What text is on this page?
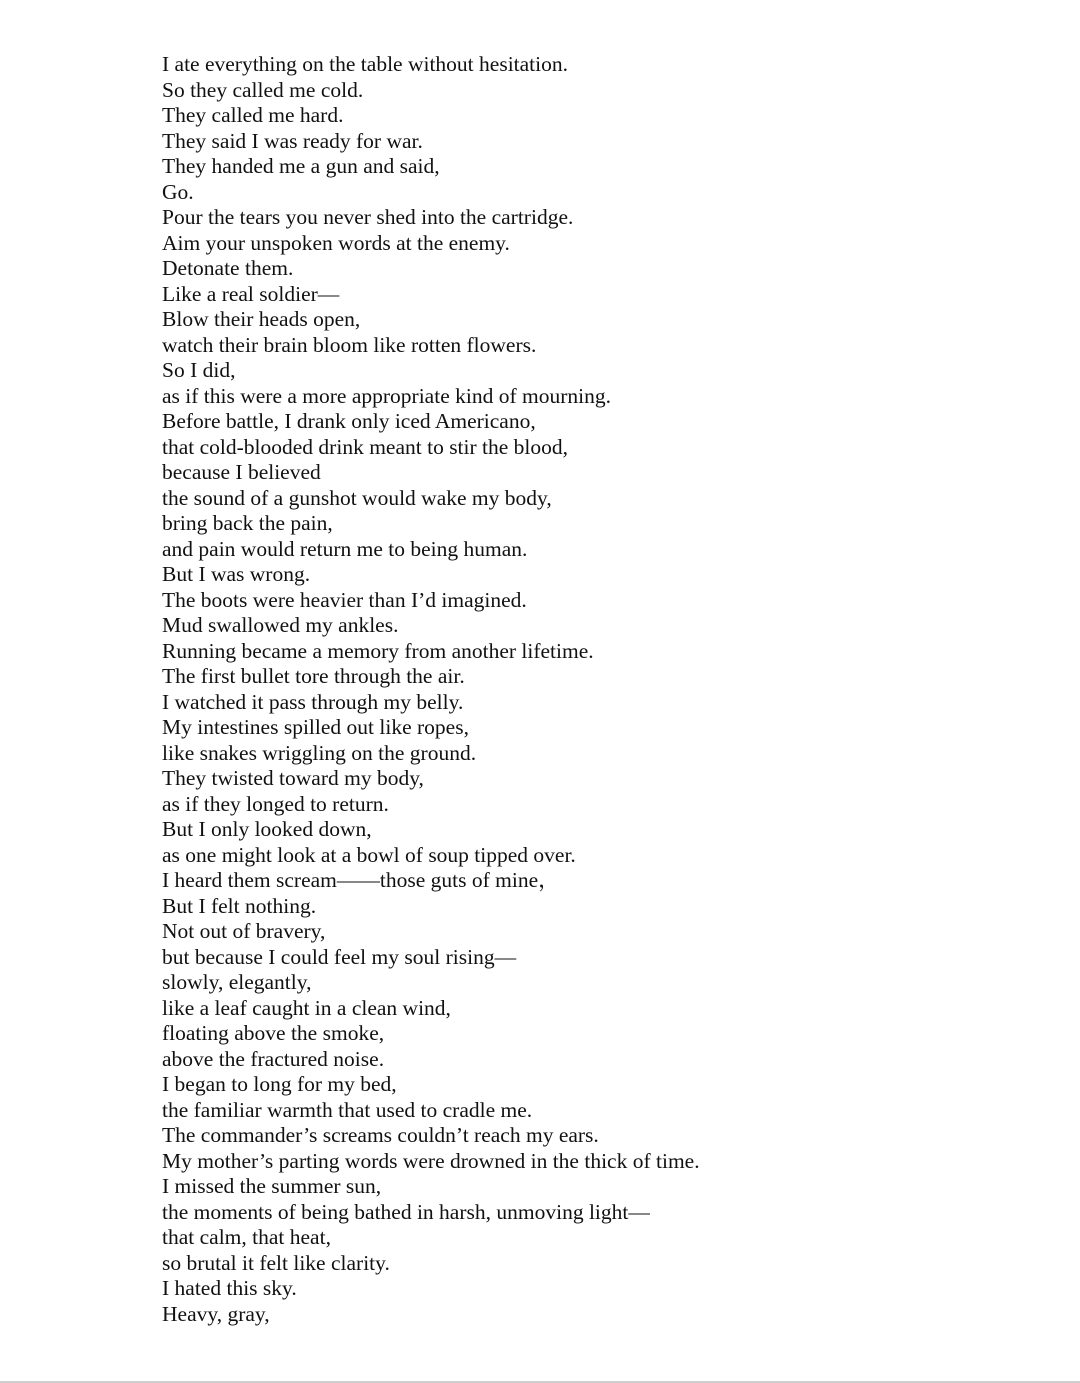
I ate everything on the table without hesitation.
So they called me cold.
They called me hard.
They said I was ready for war.
They handed me a gun and said,
Go.
Pour the tears you never shed into the cartridge.
Aim your unspoken words at the enemy.
Detonate them.
Like a real soldier—
Blow their heads open,
watch their brain bloom like rotten flowers.
So I did,
as if this were a more appropriate kind of mourning.
Before battle, I drank only iced Americano,
that cold-blooded drink meant to stir the blood,
because I believed
the sound of a gunshot would wake my body,
bring back the pain,
and pain would return me to being human.
But I was wrong.
The boots were heavier than I’d imagined.
Mud swallowed my ankles.
Running became a memory from another lifetime.
The first bullet tore through the air.
I watched it pass through my belly.
My intestines spilled out like ropes,
like snakes wriggling on the ground.
They twisted toward my body,
as if they longed to return.
But I only looked down,
as one might look at a bowl of soup tipped over.
I heard them scream——those guts of mine，
But I felt nothing.
Not out of bravery,
but because I could feel my soul rising—
slowly, elegantly,
like a leaf caught in a clean wind,
floating above the smoke,
above the fractured noise.
I began to long for my bed,
the familiar warmth that used to cradle me.
The commander’s screams couldn’t reach my ears.
My mother’s parting words were drowned in the thick of time.
I missed the summer sun,
the moments of being bathed in harsh, unmoving light—
that calm, that heat,
so brutal it felt like clarity.
I hated this sky.
Heavy, gray,
